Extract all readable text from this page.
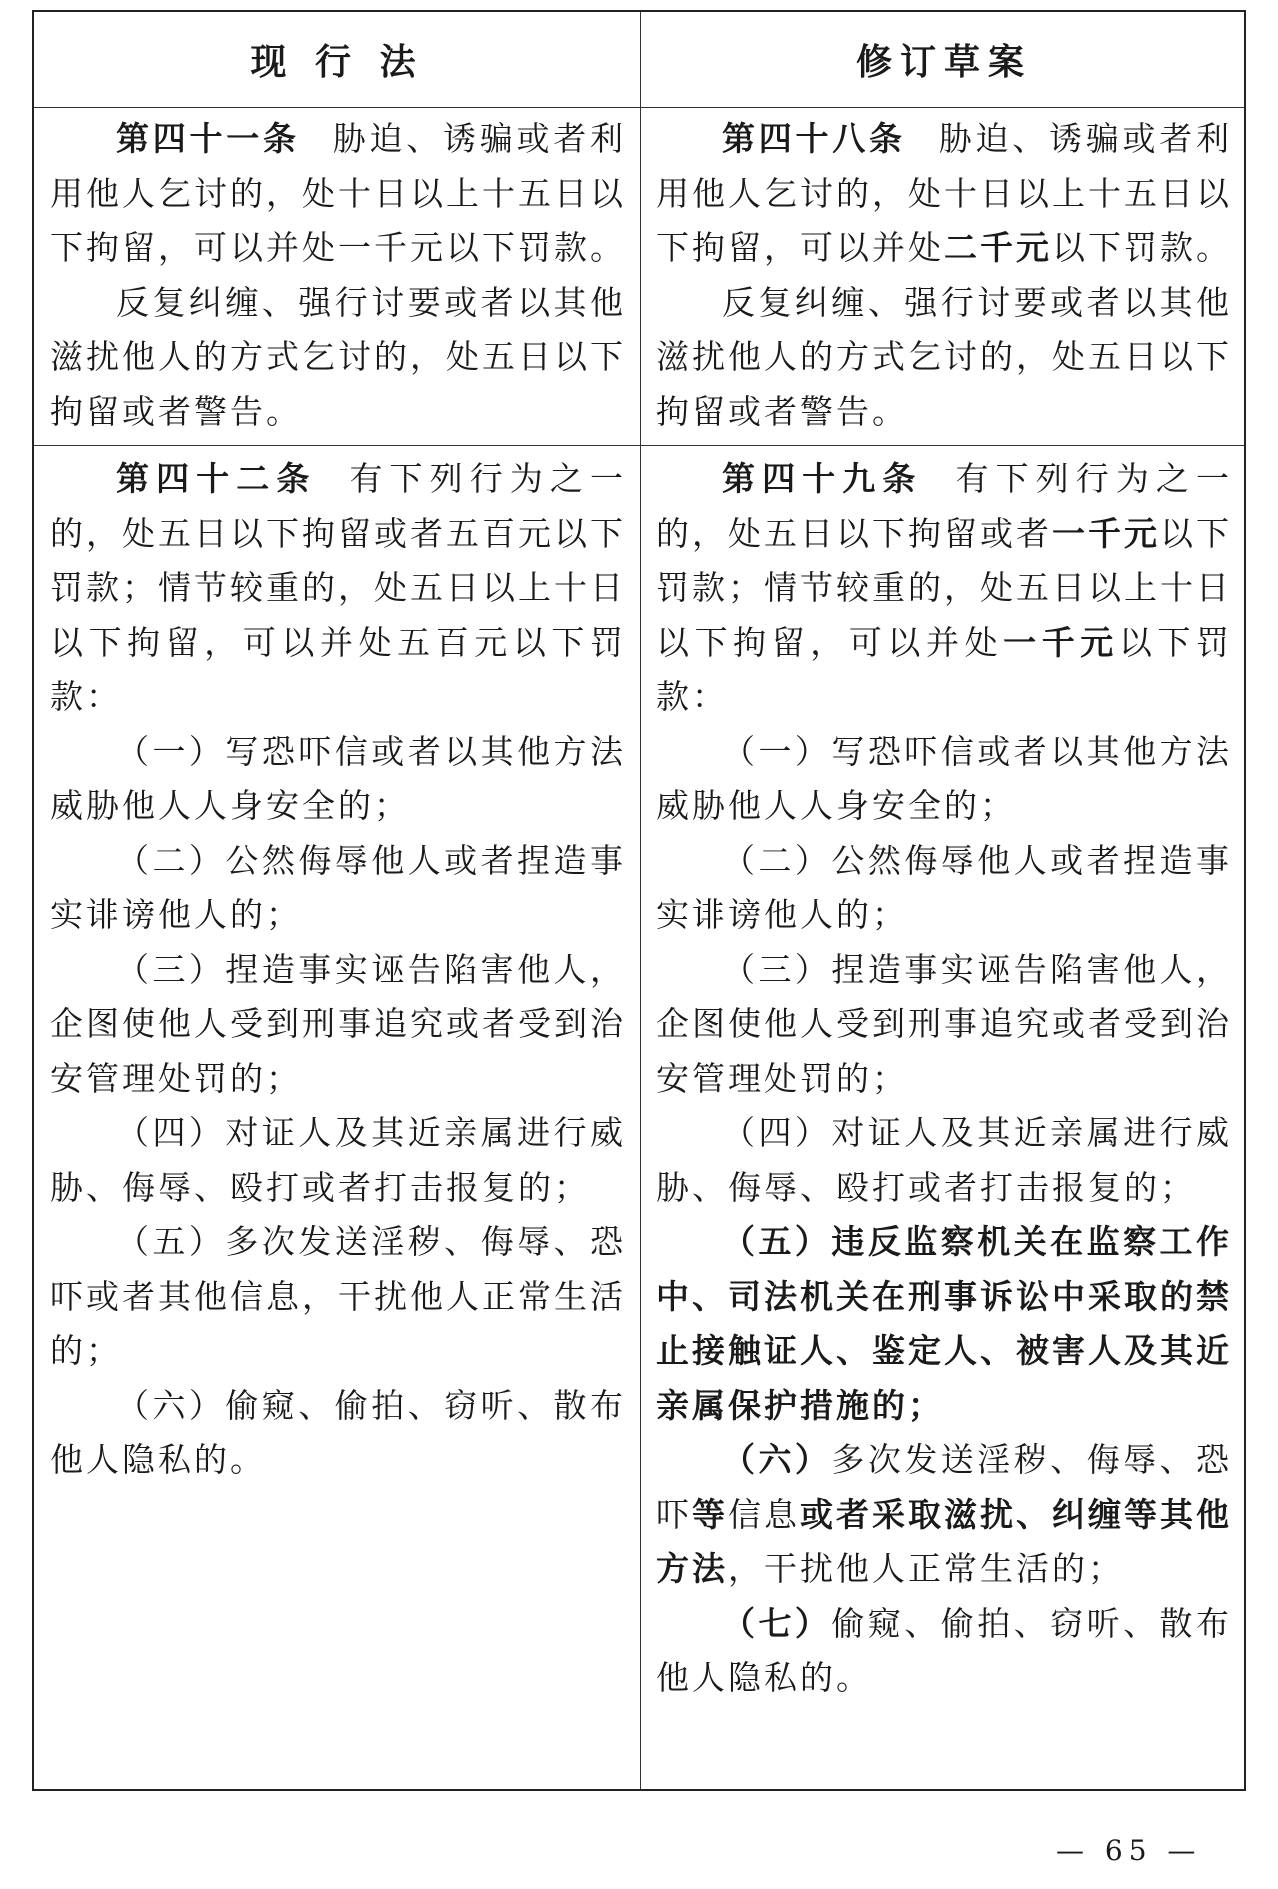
现 行 法	修订草案

第四十一条 胁迫、诱骗或者利用他人乞讨的，处十日以上十五日以下拘留，可以并处一千元以下罚款。

反复纠缠、强行讨要或者以其他滋扰他人的方式乞讨的，处五日以下拘留或者警告。

第四十八条 胁迫、诱骗或者利用他人乞讨的，处十日以上十五日以下拘留，可以并处二千元以下罚款。

反复纠缠、强行讨要或者以其他滋扰他人的方式乞讨的，处五日以下拘留或者警告。

第四十二条 有下列行为之一的，处五日以下拘留或者五百元以下罚款；情节较重的，处五日以上十日以下拘留，可以并处五百元以下罚款：

（一）写恐吓信或者以其他方法威胁他人人身安全的；

（二）公然侮辱他人或者捏造事实诽谤他人的；

（三）捏造事实诬告陷害他人，企图使他人受到刑事追究或者受到治安管理处罚的；

（四）对证人及其近亲属进行威胁、侮辱、殴打或者打击报复的；

（五）多次发送淫秽、侮辱、恐吓或者其他信息，干扰他人正常生活的；

（六）偷窥、偷拍、窃听、散布他人隐私的。

第四十九条 有下列行为之一的，处五日以下拘留或者一千元以下罚款；情节较重的，处五日以上十日以下拘留，可以并处一千元以下罚款：

（一）写恐吓信或者以其他方法威胁他人人身安全的；

（二）公然侮辱他人或者捏造事实诽谤他人的；

（三）捏造事实诬告陷害他人，企图使他人受到刑事追究或者受到治安管理处罚的；

（四）对证人及其近亲属进行威胁、侮辱、殴打或者打击报复的；

（五）违反监察机关在监察工作中、司法机关在刑事诉讼中采取的禁止接触证人、鉴定人、被害人及其近亲属保护措施的；

（六）多次发送淫秽、侮辱、恐吓等信息或者采取滋扰、纠缠等其他方法，干扰他人正常生活的；

（七）偷窥、偷拍、窃听、散布他人隐私的。

— 65 —
